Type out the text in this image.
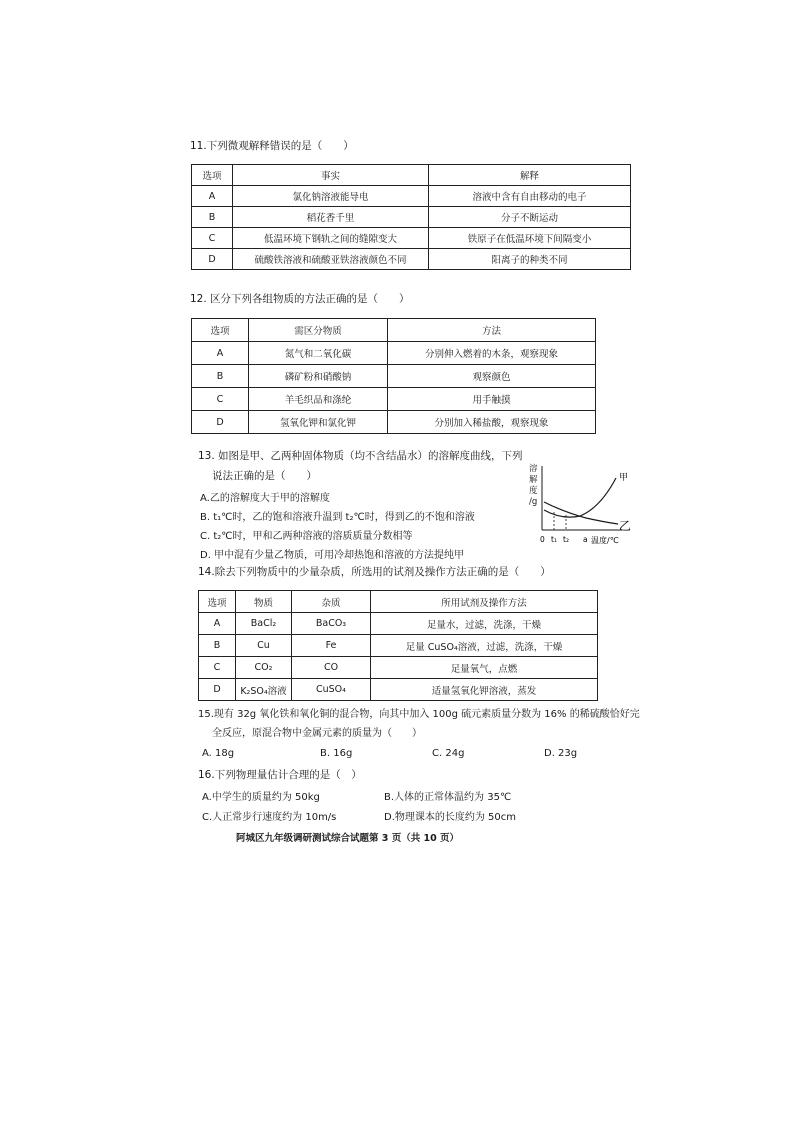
11.下列微观解释错误的是（　　）
选项	事实	解释
A	氯化钠溶液能导电	溶液中含有自由移动的电子
B	稻花香千里	分子不断运动
C	低温环境下钢轨之间的缝隙变大	铁原子在低温环境下间隔变小
D	硫酸铁溶液和硫酸亚铁溶液颜色不同	阳离子的种类不同
12. 区分下列各组物质的方法正确的是（　　）
选项	需区分物质	方法
A	氮气和二氧化碳	分别伸入燃着的木条，观察现象
B	磷矿粉和硝酸钠	观察颜色
C	羊毛织品和涤纶	用手触摸
D	氢氧化钾和氯化钾	分别加入稀盐酸，观察现象
13. 如图是甲、乙两种固体物质（均不含结晶水）的溶解度曲线，下列
说法正确的是（　　）
A.乙的溶解度大于甲的溶解度
B. t₁℃时，乙的饱和溶液升温到 t₂℃时，得到乙的不饱和溶液
C. t₂℃时，甲和乙两种溶液的溶质质量分数相等
D. 甲中混有少量乙物质，可用冷却热饱和溶液的方法提纯甲
溶
解
度
/g
甲
乙
0 t₁ t₂ a 温度/℃
14.除去下列物质中的少量杂质，所选用的试剂及操作方法正确的是（　　）
选项	物质	杂质	所用试剂及操作方法
A	BaCl₂	BaCO₃	足量水，过滤，洗涤，干燥
B	Cu	Fe	足量 CuSO₄溶液，过滤，洗涤，干燥
C	CO₂	CO	足量氧气，点燃
D	K₂SO₄溶液	CuSO₄	适量氢氧化钾溶液，蒸发
15.现有 32g 氧化铁和氧化铜的混合物，向其中加入 100g 硫元素质量分数为 16% 的稀硫酸恰好完
全反应，原混合物中金属元素的质量为（　　）
A. 18g	B. 16g	C. 24g	D. 23g
16.下列物理量估计合理的是（　）
A.中学生的质量约为 50kg	B.人体的正常体温约为 35℃
C.人正常步行速度约为 10m/s	D.物理课本的长度约为 50cm
阿城区九年级调研测试综合试题第 3 页（共 10 页）
